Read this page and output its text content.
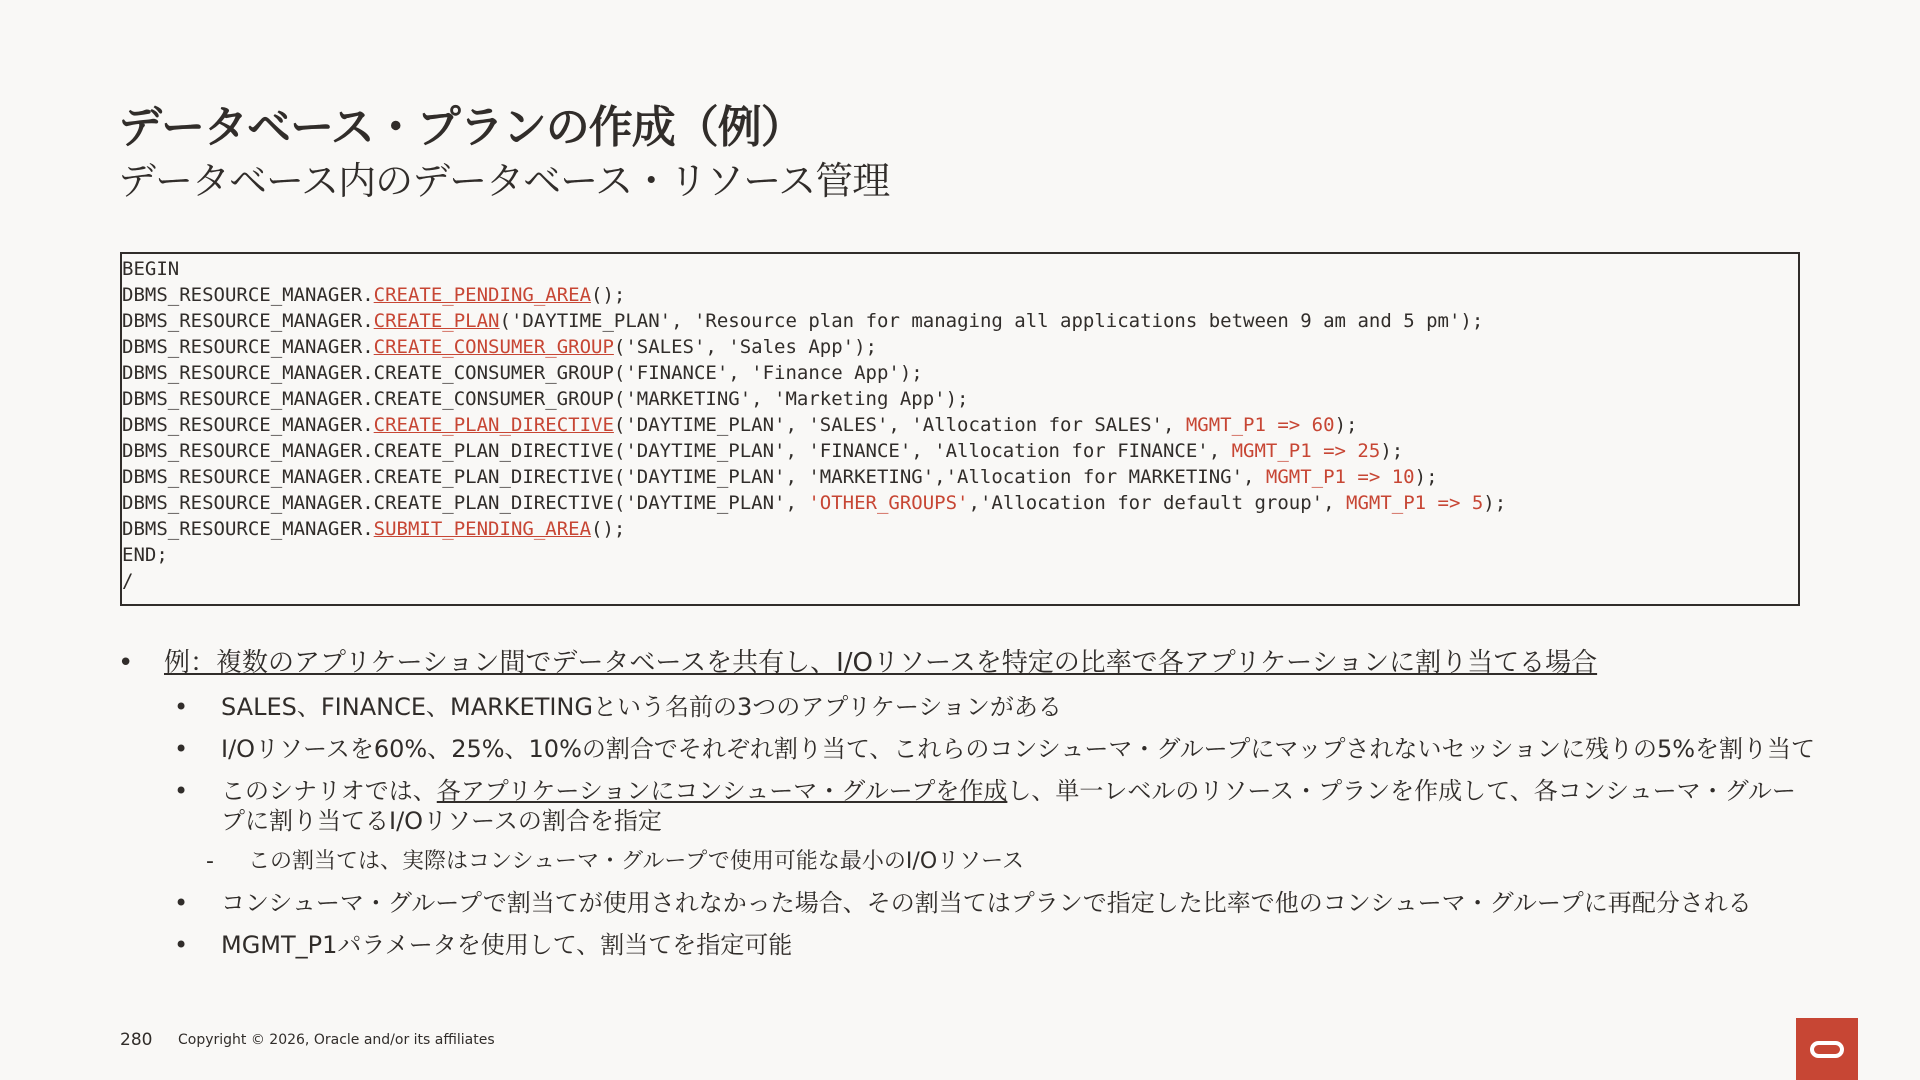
データベース・プランの作成（例）
データベース内のデータベース・リソース管理
BEGIN
DBMS_RESOURCE_MANAGER.CREATE_PENDING_AREA();
DBMS_RESOURCE_MANAGER.CREATE_PLAN('DAYTIME_PLAN', 'Resource plan for managing all applications between 9 am and 5 pm');
DBMS_RESOURCE_MANAGER.CREATE_CONSUMER_GROUP('SALES', 'Sales App');
DBMS_RESOURCE_MANAGER.CREATE_CONSUMER_GROUP('FINANCE', 'Finance App');
DBMS_RESOURCE_MANAGER.CREATE_CONSUMER_GROUP('MARKETING', 'Marketing App');
DBMS_RESOURCE_MANAGER.CREATE_PLAN_DIRECTIVE('DAYTIME_PLAN', 'SALES', 'Allocation for SALES', MGMT_P1 => 60);
DBMS_RESOURCE_MANAGER.CREATE_PLAN_DIRECTIVE('DAYTIME_PLAN', 'FINANCE', 'Allocation for FINANCE', MGMT_P1 => 25);
DBMS_RESOURCE_MANAGER.CREATE_PLAN_DIRECTIVE('DAYTIME_PLAN', 'MARKETING','Allocation for MARKETING', MGMT_P1 => 10);
DBMS_RESOURCE_MANAGER.CREATE_PLAN_DIRECTIVE('DAYTIME_PLAN', 'OTHER_GROUPS','Allocation for default group', MGMT_P1 => 5);
DBMS_RESOURCE_MANAGER.SUBMIT_PENDING_AREA();
END;
/
• 例：複数のアプリケーション間でデータベースを共有し、I/Oリソースを特定の比率で各アプリケーションに割り当てる場合
• SALES、FINANCE、MARKETINGという名前の3つのアプリケーションがある
• I/Oリソースを60%、25%、10%の割合でそれぞれ割り当て、これらのコンシューマ・グループにマップされないセッションに残りの5%を割り当て
• このシナリオでは、各アプリケーションにコンシューマ・グループを作成し、単一レベルのリソース・プランを作成して、各コンシューマ・グループに割り当てるI/Oリソースの割合を指定
- この割当ては、実際はコンシューマ・グループで使用可能な最小のI/Oリソース
• コンシューマ・グループで割当てが使用されなかった場合、その割当てはプランで指定した比率で他のコンシューマ・グループに再配分される
• MGMT_P1パラメータを使用して、割当てを指定可能
280 Copyright © 2026, Oracle and/or its affiliates
